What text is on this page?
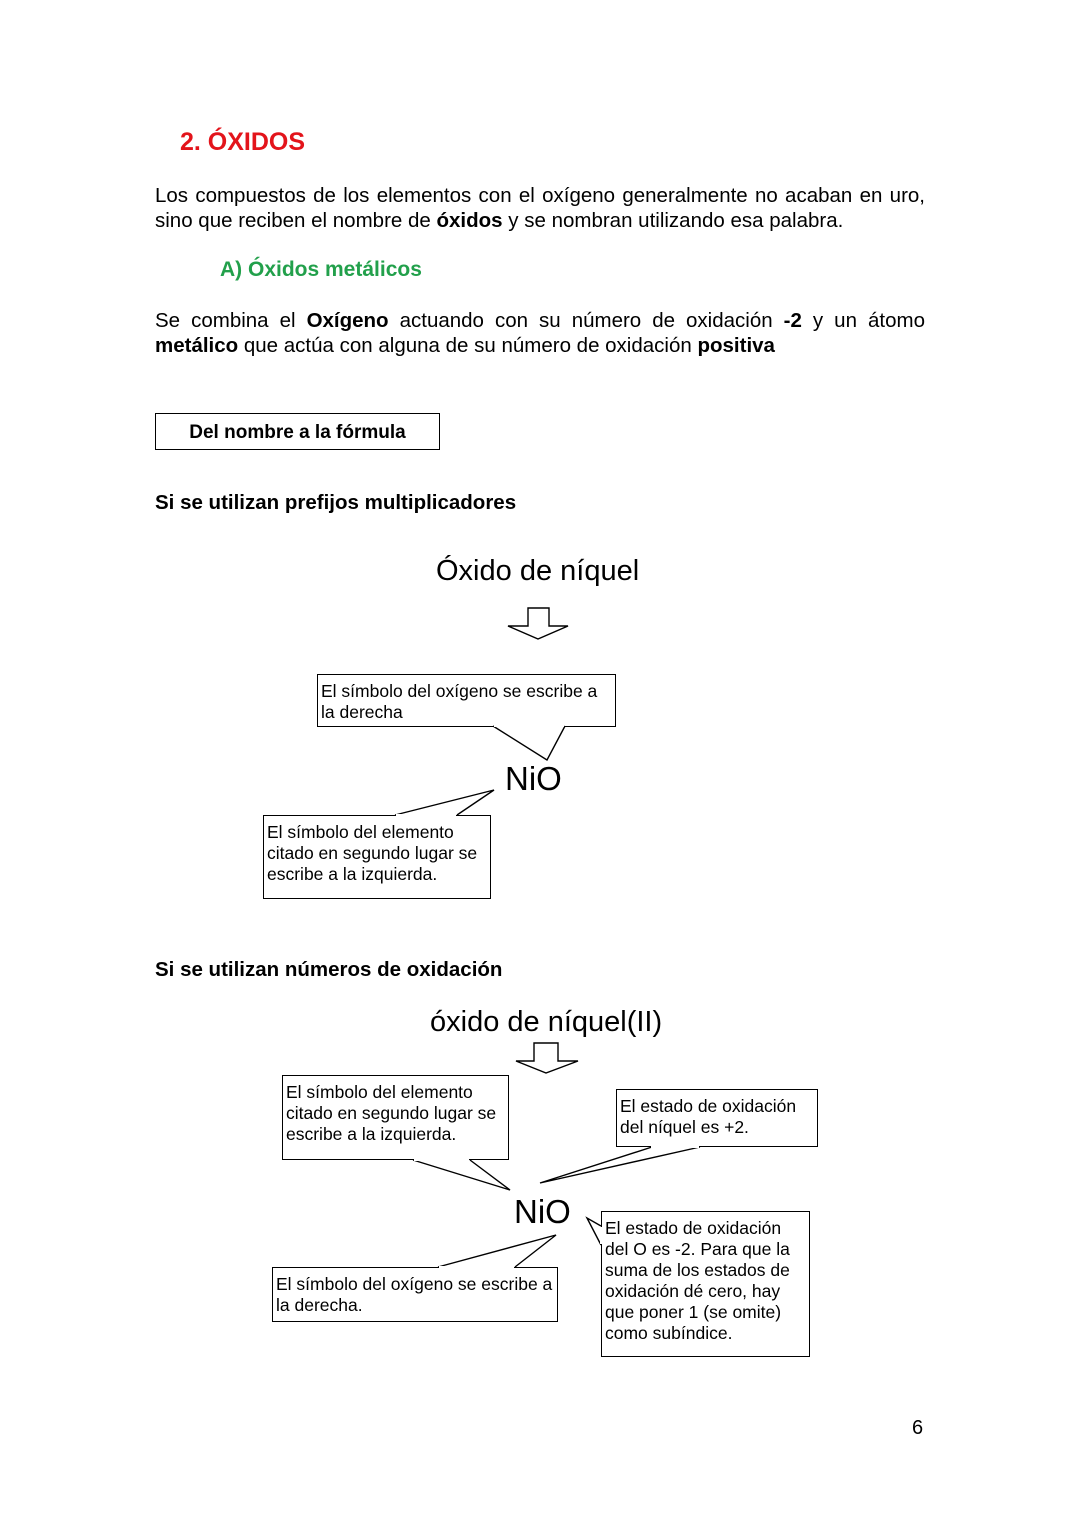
2. ÓXIDOS
Los compuestos de los elementos con el oxígeno generalmente no acaban en uro, sino que reciben el nombre de óxidos y se nombran utilizando esa palabra.
A) Óxidos metálicos
Se combina el Oxígeno actuando con su número de oxidación -2 y un átomo metálico que actúa con alguna de su número de oxidación positiva
Del nombre a la fórmula
Si se utilizan prefijos multiplicadores
Óxido de níquel
El símbolo del oxígeno se escribe a la derecha
El símbolo del elemento citado en segundo lugar se escribe a la izquierda.
NiO
Si se utilizan números de oxidación
óxido de níquel(II)
El símbolo del elemento citado en segundo lugar se escribe a la izquierda.
El estado de oxidación del níquel es +2.
El símbolo del oxígeno se escribe a la derecha.
El estado de oxidación del O es -2. Para que la suma de los estados de oxidación dé cero, hay que poner 1 (se omite) como subíndice.
NiO
6
